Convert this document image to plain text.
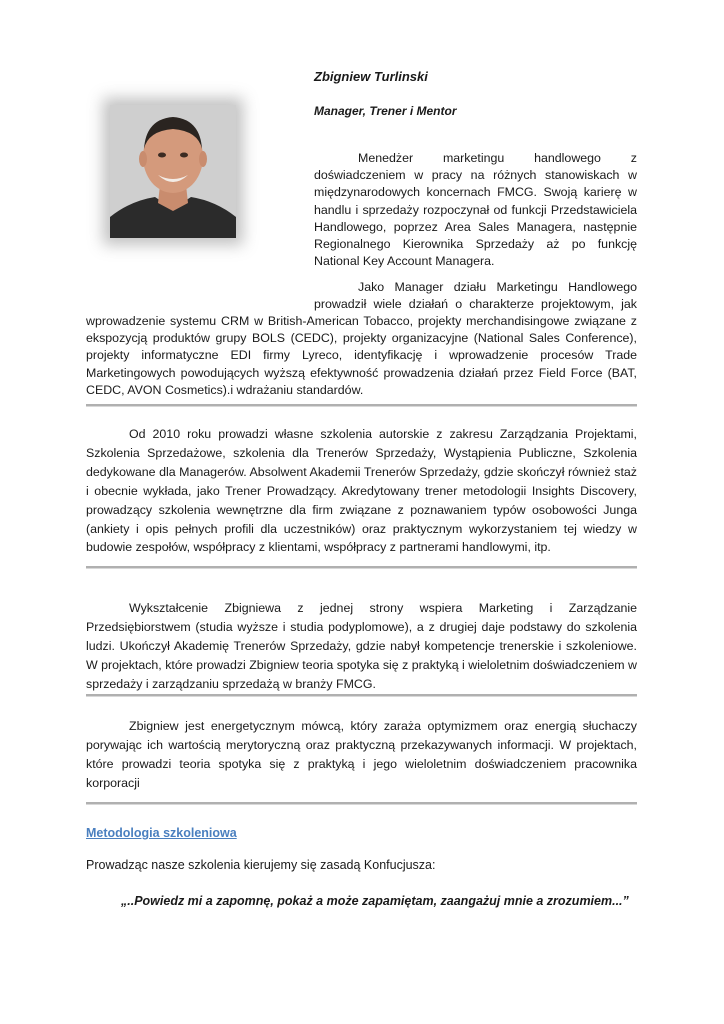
Zbigniew Turlinski
Manager, Trener i Mentor

Menedżer marketingu handlowego z doświadczeniem w pracy na różnych stanowiskach w międzynarodowych koncernach FMCG. Swoją karierę w handlu i sprzedaży rozpoczynał od funkcji Przedstawiciela Handlowego, poprzez Area Sales Managera, następnie Regionalnego Kierownika Sprzedaży aż po funkcję National Key Account Managera.

Jako Manager działu Marketingu Handlowego prowadził wiele działań o charakterze projektowym, jak

wprowadzenie systemu CRM w British-American Tobacco, projekty merchandisingowe związane z ekspozycją produktów grupy BOLS (CEDC), projekty organizacyjne (National Sales Conference), projekty informatyczne EDI firmy Lyreco, identyfikację i wprowadzenie procesów Trade Marketingowych powodujących wyższą efektywność prowadzenia działań przez Field Force (BAT, CEDC, AVON Cosmetics).i wdrażaniu standardów.

Od 2010 roku prowadzi własne szkolenia autorskie z zakresu Zarządzania Projektami, Szkolenia Sprzedażowe, szkolenia dla Trenerów Sprzedaży, Wystąpienia Publiczne, Szkolenia dedykowane dla Managerów. Absolwent Akademii Trenerów Sprzedaży, gdzie skończył również staż i obecnie wykłada, jako Trener Prowadzący. Akredytowany trener metodologii Insights Discovery, prowadzący szkolenia wewnętrzne dla firm związane z poznawaniem typów osobowości Junga (ankiety i opis pełnych profili dla uczestników) oraz praktycznym wykorzystaniem tej wiedzy w budowie zespołów, współpracy z klientami, współpracy z partnerami handlowymi, itp.

Wykształcenie Zbigniewa z jednej strony wspiera Marketing i Zarządzanie Przedsiębiorstwem (studia wyższe i studia podyplomowe), a z drugiej daje podstawy do szkolenia ludzi. Ukończył Akademię Trenerów Sprzedaży, gdzie nabył kompetencje trenerskie i szkoleniowe. W projektach, które prowadzi Zbigniew teoria spotyka się z praktyką i wieloletnim doświadczeniem w sprzedaży i zarządzaniu sprzedażą w branży FMCG.

Zbigniew jest energetycznym mówcą, który zaraża optymizmem oraz energią słuchaczy porywając ich wartością merytoryczną oraz praktyczną przekazywanych informacji. W projektach, które prowadzi teoria spotyka się z praktyką i jego wieloletnim doświadczeniem pracownika korporacji

Metodologia szkoleniowa
Prowadząc nasze szkolenia kierujemy się zasadą Konfucjusza:
„..Powiedz mi a zapomnę, pokaż a może zapamiętam, zaangażuj mnie a zrozumiem...”
